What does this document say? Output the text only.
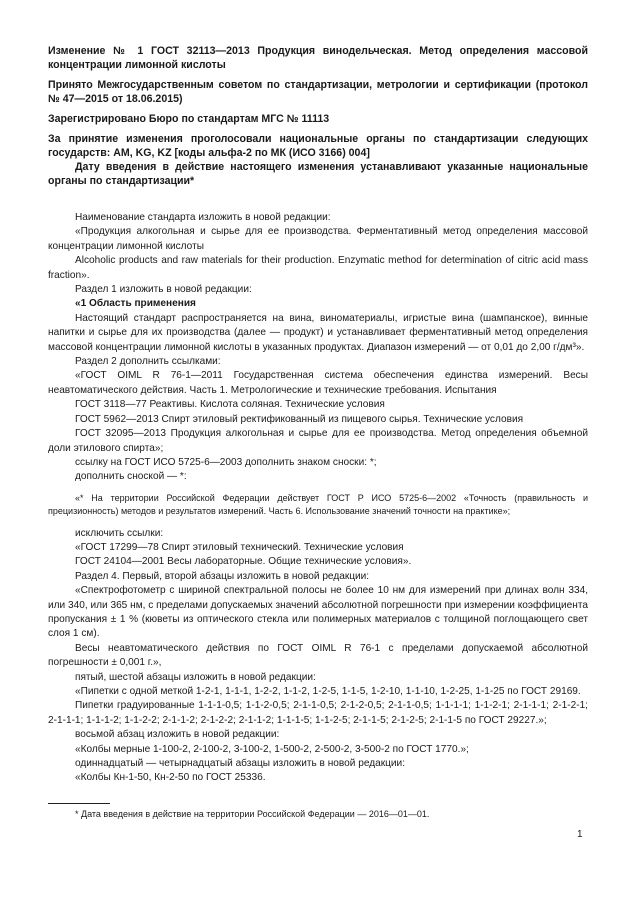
Изменение № 1 ГОСТ 32113—2013 Продукция винодельческая. Метод определения массовой концентрации лимонной кислоты
Принято Межгосударственным советом по стандартизации, метрологии и сертификации (протокол № 47—2015 от 18.06.2015)
Зарегистрировано Бюро по стандартам МГС № 11113
За принятие изменения проголосовали национальные органы по стандартизации следующих государств: AM, KG, KZ [коды альфа-2 по МК (ИСО 3166) 004]
Дату введения в действие настоящего изменения устанавливают указанные национальные органы по стандартизации*
Наименование стандарта изложить в новой редакции:
«Продукция алкогольная и сырье для ее производства. Ферментативный метод определения массовой концентрации лимонной кислоты
Alcoholic products and raw materials for their production. Enzymatic method for determination of citric acid mass fraction».
Раздел 1 изложить в новой редакции:
«1 Область применения
Настоящий стандарт распространяется на вина, виноматериалы, игристые вина (шампанское), винные напитки и сырье для их производства (далее — продукт) и устанавливает ферментативный метод определения массовой концентрации лимонной кислоты в указанных продуктах. Диапазон измерений — от 0,01 до 2,00 г/дм³».
Раздел 2 дополнить ссылками:
«ГОСТ OIML R 76-1—2011 Государственная система обеспечения единства измерений. Весы неавтоматического действия. Часть 1. Метрологические и технические требования. Испытания
ГОСТ 3118—77 Реактивы. Кислота соляная. Технические условия
ГОСТ 5962—2013 Спирт этиловый ректификованный из пищевого сырья. Технические условия
ГОСТ 32095—2013 Продукция алкогольная и сырье для ее производства. Метод определения объемной доли этилового спирта»;
ссылку на ГОСТ ИСО 5725-6—2003 дополнить знаком сноски: *;
дополнить сноской — *:
«* На территории Российской Федерации действует ГОСТ Р ИСО 5725-6—2002 «Точность (правильность и прецизионность) методов и результатов измерений. Часть 6. Использование значений точности на практике»;
исключить ссылки:
«ГОСТ 17299—78 Спирт этиловый технический. Технические условия
ГОСТ 24104—2001 Весы лабораторные. Общие технические условия».
Раздел 4. Первый, второй абзацы изложить в новой редакции:
«Спектрофотометр с шириной спектральной полосы не более 10 нм для измерений при длинах волн 334, или 340, или 365 нм, с пределами допускаемых значений абсолютной погрешности при измерении коэффициента пропускания ± 1 % (кюветы из оптического стекла или полимерных материалов с толщиной поглощающего свет слоя 1 см).
Весы неавтоматического действия по ГОСТ OIML R 76-1 с пределами допускаемой абсолютной погрешности ± 0,001 г.»,
пятый, шестой абзацы изложить в новой редакции:
«Пипетки с одной меткой 1-2-1, 1-1-1, 1-2-2, 1-1-2, 1-2-5, 1-1-5, 1-2-10, 1-1-10, 1-2-25, 1-1-25 по ГОСТ 29169.
Пипетки градуированные 1-1-1-0,5; 1-1-2-0,5; 2-1-1-0,5; 2-1-2-0,5; 2-1-1-0,5; 1-1-1-1; 1-1-2-1; 2-1-1-1; 2-1-2-1; 2-1-1-1; 1-1-1-2; 1-1-2-2; 2-1-1-2; 2-1-2-2; 2-1-1-2; 1-1-1-5; 1-1-2-5; 2-1-1-5; 2-1-2-5; 2-1-1-5 по ГОСТ 29227.»;
восьмой абзац изложить в новой редакции:
«Колбы мерные 1-100-2, 2-100-2, 3-100-2, 1-500-2, 2-500-2, 3-500-2 по ГОСТ 1770.»;
одиннадцатый — четырнадцатый абзацы изложить в новой редакции:
«Колбы Кн-1-50, Кн-2-50 по ГОСТ 25336.
* Дата введения в действие на территории Российской Федерации — 2016—01—01.
1
